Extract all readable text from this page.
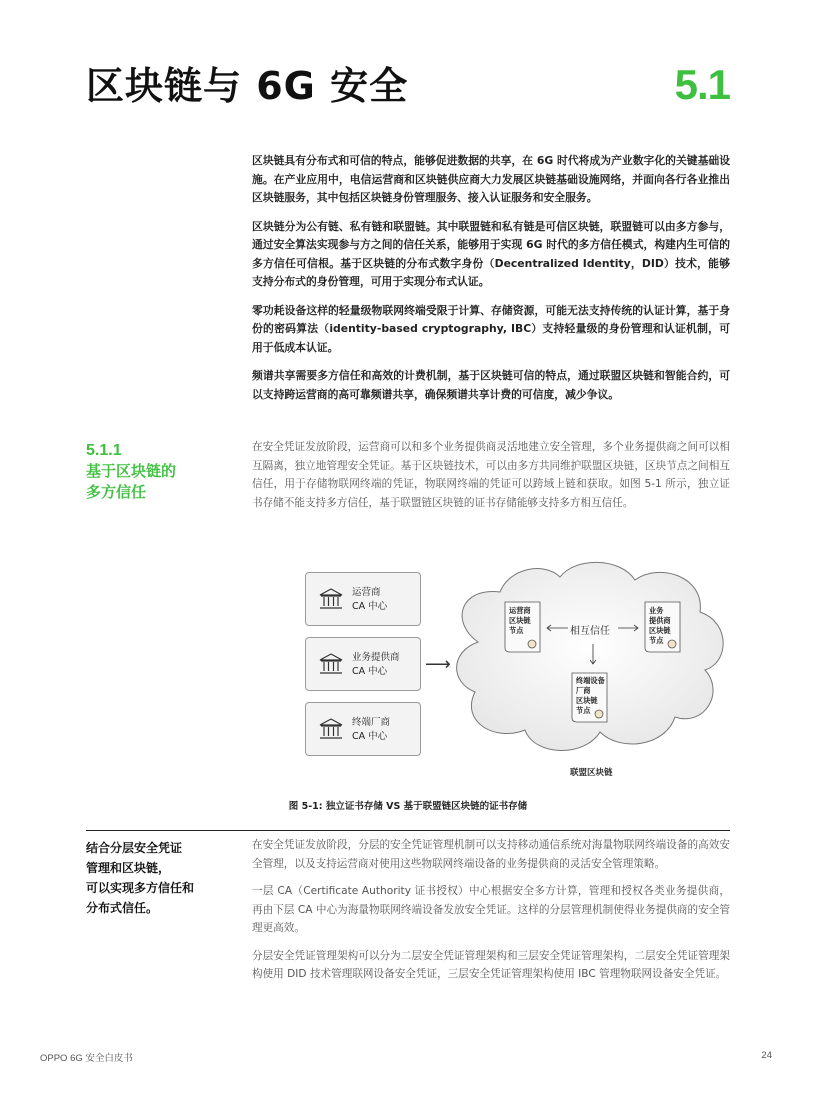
区块链与 6G 安全	5.1

区块链具有分布式和可信的特点，能够促进数据的共享，在 6G 时代将成为产业数字化的关键基础设施。在产业应用中，电信运营商和区块链供应商大力发展区块链基础设施网络，并面向各行各业推出区块链服务，其中包括区块链身份管理服务、接入认证服务和安全服务。

区块链分为公有链、私有链和联盟链。其中联盟链和私有链是可信区块链，联盟链可以由多方参与，通过安全算法实现参与方之间的信任关系，能够用于实现 6G 时代的多方信任模式，构建内生可信的多方信任可信根。基于区块链的分布式数字身份（Decentralized Identity，DID）技术，能够支持分布式的身份管理，可用于实现分布式认证。

零功耗设备这样的轻量级物联网终端受限于计算、存储资源，可能无法支持传统的认证计算，基于身份的密码算法（identity-based cryptography, IBC）支持轻量级的身份管理和认证机制，可用于低成本认证。

频谱共享需要多方信任和高效的计费机制，基于区块链可信的特点，通过联盟区块链和智能合约，可以支持跨运营商的高可靠频谱共享，确保频谱共享计费的可信度，减少争议。

5.1.1
基于区块链的
多方信任

在安全凭证发放阶段，运营商可以和多个业务提供商灵活地建立安全管理，多个业务提供商之间可以相互隔离，独立地管理安全凭证。基于区块链技术，可以由多方共同维护联盟区块链，区块节点之间相互信任，用于存储物联网终端的凭证，物联网终端的凭证可以跨域上链和获取。如图 5-1 所示，独立证书存储不能支持多方信任，基于联盟链区块链的证书存储能够支持多方相互信任。

运营商
CA 中心
业务提供商
CA 中心
终端厂商
CA 中心
⟶
运营商
区块链
节点
业务
提供商
区块链
节点
终端设备
厂商
区块链
节点
相互信任
联盟区块链
图 5-1: 独立证书存储 VS 基于联盟链区块链的证书存储
结合分层安全凭证
管理和区块链，
可以实现多方信任和
分布式信任。

在安全凭证发放阶段，分层的安全凭证管理机制可以支持移动通信系统对海量物联网终端设备的高效安全管理，以及支持运营商对使用这些物联网终端设备的业务提供商的灵活安全管理策略。

一层 CA（Certificate Authority 证书授权）中心根据安全多方计算，管理和授权各类业务提供商，再由下层 CA 中心为海量物联网终端设备发放安全凭证。这样的分层管理机制使得业务提供商的安全管理更高效。

分层安全凭证管理架构可以分为二层安全凭证管理架构和三层安全凭证管理架构，二层安全凭证管理架构使用 DID 技术管理联网设备安全凭证，三层安全凭证管理架构使用 IBC 管理物联网设备安全凭证。

OPPO 6G 安全白皮书	24
